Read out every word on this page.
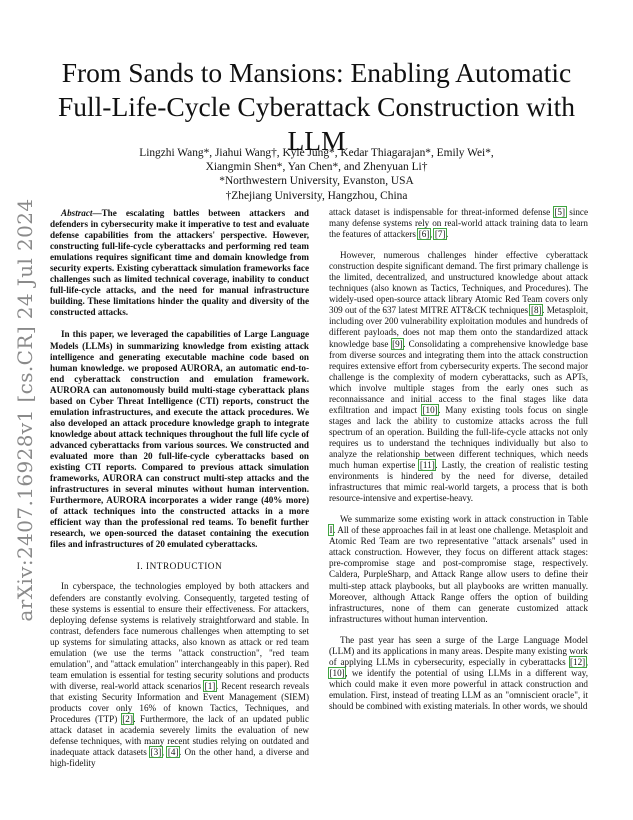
arXiv:2407.16928v1 [cs.CR] 24 Jul 2024
From Sands to Mansions: Enabling Automatic
Full-Life-Cycle Cyberattack Construction with LLM
Lingzhi Wang*, Jiahui Wang†, Kyle Jung*, Kedar Thiagarajan*, Emily Wei*,
Xiangmin Shen*, Yan Chen*, and Zhenyuan Li†
*Northwestern University, Evanston, USA
†Zhejiang University, Hangzhou, China

Abstract—The escalating battles between attackers and defenders in cybersecurity make it imperative to test and evaluate defense capabilities from the attackers' perspective. However, constructing full-life-cycle cyberattacks and performing red team emulations requires significant time and domain knowledge from security experts. Existing cyberattack simulation frameworks face challenges such as limited technical coverage, inability to conduct full-life-cycle attacks, and the need for manual infrastructure building. These limitations hinder the quality and diversity of the constructed attacks.

In this paper, we leveraged the capabilities of Large Language Models (LLMs) in summarizing knowledge from existing attack intelligence and generating executable machine code based on human knowledge. we proposed AURORA, an automatic end-to-end cyberattack construction and emulation framework. AURORA can autonomously build multi-stage cyberattack plans based on Cyber Threat Intelligence (CTI) reports, construct the emulation infrastructures, and execute the attack procedures. We also developed an attack procedure knowledge graph to integrate knowledge about attack techniques throughout the full life cycle of advanced cyberattacks from various sources. We constructed and evaluated more than 20 full-life-cycle cyberattacks based on existing CTI reports. Compared to previous attack simulation frameworks, AURORA can construct multi-step attacks and the infrastructures in several minutes without human intervention. Furthermore, AURORA incorporates a wider range (40% more) of attack techniques into the constructed attacks in a more efficient way than the professional red teams. To benefit further research, we open-sourced the dataset containing the execution files and infrastructures of 20 emulated cyberattacks.

I. INTRODUCTION

In cyberspace, the technologies employed by both attackers and defenders are constantly evolving. Consequently, targeted testing of these systems is essential to ensure their effectiveness. For attackers, deploying defense systems is relatively straightforward and stable. In contrast, defenders face numerous challenges when attempting to set up systems for simulating attacks, also known as attack or red team emulation (we use the terms "attack construction", "red team emulation", and "attack emulation" interchangeably in this paper). Red team emulation is essential for testing security solutions and products with diverse, real-world attack scenarios [1]. Recent research reveals that existing Security Information and Event Management (SIEM) products cover only 16% of known Tactics, Techniques, and Procedures (TTP) [2]. Furthermore, the lack of an updated public attack dataset in academia severely limits the evaluation of new defense techniques, with many recent studies relying on outdated and inadequate attack datasets [3], [4]. On the other hand, a diverse and high-fidelity

attack dataset is indispensable for threat-informed defense [5] since many defense systems rely on real-world attack training data to learn the features of attackers [6], [7].

However, numerous challenges hinder effective cyberattack construction despite significant demand. The first primary challenge is the limited, decentralized, and unstructured knowledge about attack techniques (also known as Tactics, Techniques, and Procedures). The widely-used open-source attack library Atomic Red Team covers only 309 out of the 637 latest MITRE ATT&CK techniques [8]. Metasploit, including over 200 vulnerability exploitation modules and hundreds of different payloads, does not map them onto the standardized attack knowledge base [9]. Consolidating a comprehensive knowledge base from diverse sources and integrating them into the attack construction requires extensive effort from cybersecurity experts. The second major challenge is the complexity of modern cyberattacks, such as APTs, which involve multiple stages from the early ones such as reconnaissance and initial access to the final stages like data exfiltration and impact [10]. Many existing tools focus on single stages and lack the ability to customize attacks across the full spectrum of an operation. Building the full-life-cycle attacks not only requires us to understand the techniques individually but also to analyze the relationship between different techniques, which needs much human expertise [11]. Lastly, the creation of realistic testing environments is hindered by the need for diverse, detailed infrastructures that mimic real-world targets, a process that is both resource-intensive and expertise-heavy.

We summarize some existing work in attack construction in Table I. All of these approaches fail in at least one challenge. Metasploit and Atomic Red Team are two representative "attack arsenals" used in attack construction. However, they focus on different attack stages: pre-compromise stage and post-compromise stage, respectively. Caldera, PurpleSharp, and Attack Range allow users to define their multi-step attack playbooks, but all playbooks are written manually. Moreover, although Attack Range offers the option of building infrastructures, none of them can generate customized attack infrastructures without human intervention.

The past year has seen a surge of the Large Language Model (LLM) and its applications in many areas. Despite many existing work of applying LLMs in cybersecurity, especially in cyberattacks [12], [10], we identify the potential of using LLMs in a different way, which could make it even more powerful in attack construction and emulation. First, instead of treating LLM as an "omniscient oracle", it should be combined with existing materials. In other words, we should
